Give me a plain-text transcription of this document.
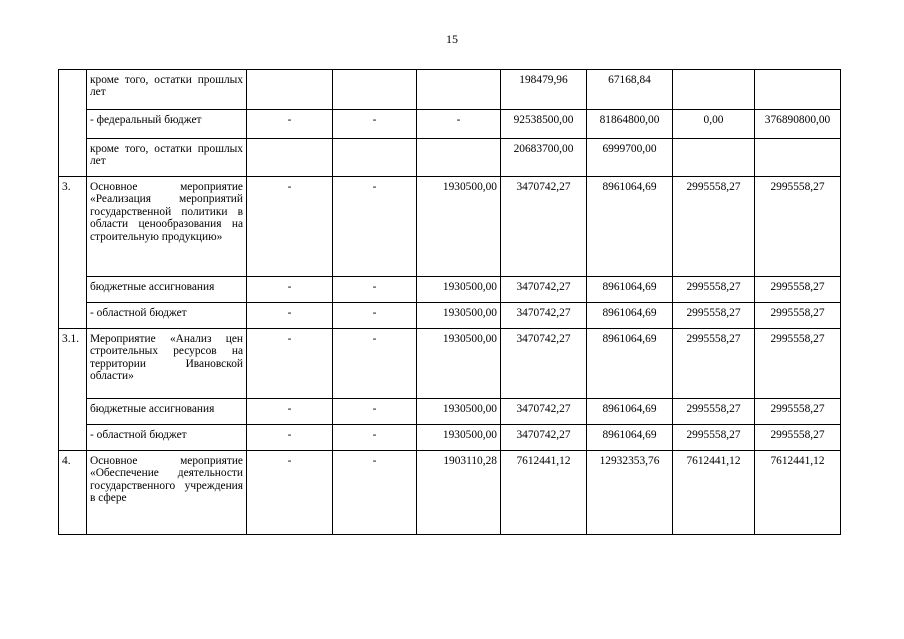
15
	кроме того, остатки прошлых лет				198479,96	67168,84		
	- федеральный бюджет	-	-	-	92538500,00	81864800,00	0,00	376890800,00
	кроме того, остатки прошлых лет				20683700,00	6999700,00		
3.	Основное мероприятие «Реализация мероприятий государственной политики в области ценообразования на строительную продукцию»	-	-	1930500,00	3470742,27	8961064,69	2995558,27	2995558,27
	бюджетные ассигнования	-	-	1930500,00	3470742,27	8961064,69	2995558,27	2995558,27
	- областной бюджет	-	-	1930500,00	3470742,27	8961064,69	2995558,27	2995558,27
3.1.	Мероприятие «Анализ цен строительных ресурсов на территории Ивановской области»	-	-	1930500,00	3470742,27	8961064,69	2995558,27	2995558,27
	бюджетные ассигнования	-	-	1930500,00	3470742,27	8961064,69	2995558,27	2995558,27
	- областной бюджет	-	-	1930500,00	3470742,27	8961064,69	2995558,27	2995558,27
4.	Основное мероприятие «Обеспечение деятельности государственного учреждения в сфере	-	-	1903110,28	7612441,12	12932353,76	7612441,12	7612441,12
